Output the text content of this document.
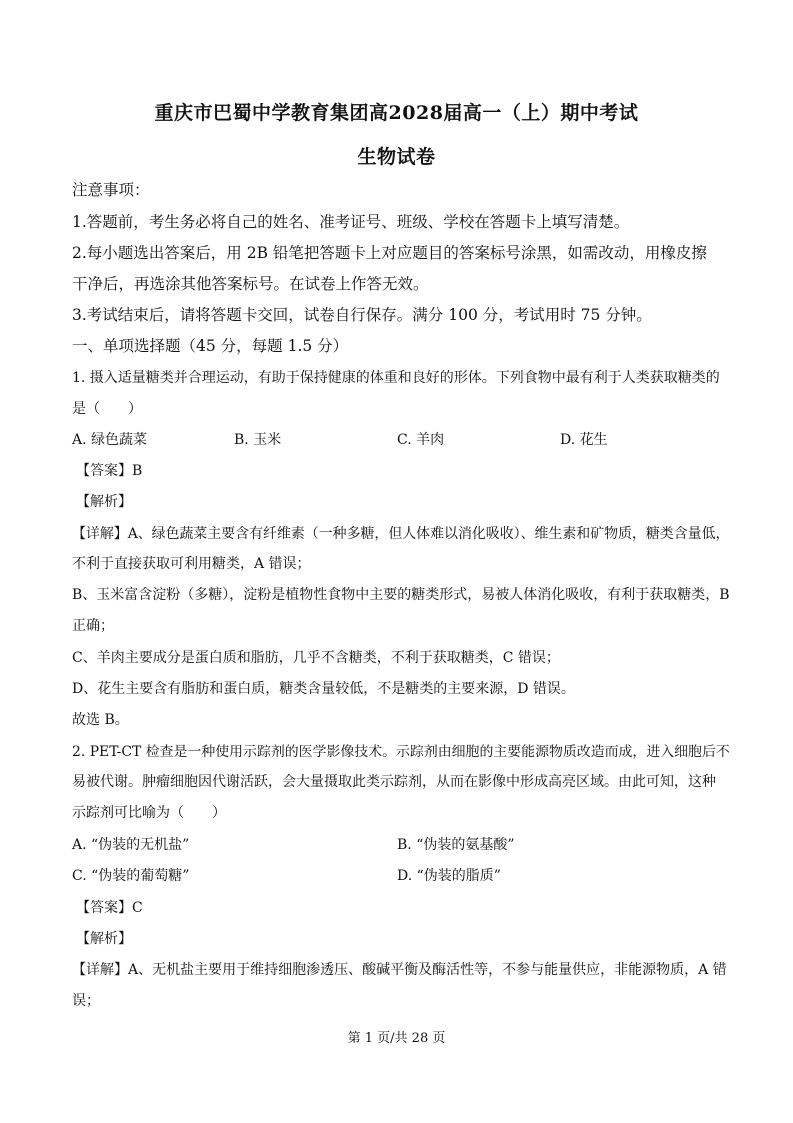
重庆市巴蜀中学教育集团高2028届高一（上）期中考试
生物试卷
注意事项：
1.答题前，考生务必将自己的姓名、准考证号、班级、学校在答题卡上填写清楚。
2.每小题选出答案后，用 2B 铅笔把答题卡上对应题目的答案标号涂黑，如需改动，用橡皮擦
干净后，再选涂其他答案标号。在试卷上作答无效。
3.考试结束后，请将答题卡交回，试卷自行保存。满分 100 分，考试用时 75 分钟。
一、单项选择题（45 分，每题 1.5 分）
1. 摄入适量糖类并合理运动，有助于保持健康的体重和良好的形体。下列食物中最有利于人类获取糖类的
是（　　）
A. 绿色蔬菜	B. 玉米	C. 羊肉	D. 花生
【答案】B
【解析】
【详解】A、绿色蔬菜主要含有纤维素（一种多糖，但人体难以消化吸收）、维生素和矿物质，糖类含量低，
不利于直接获取可利用糖类，A 错误；
B、玉米富含淀粉（多糖），淀粉是植物性食物中主要的糖类形式，易被人体消化吸收，有利于获取糖类，B
正确；
C、羊肉主要成分是蛋白质和脂肪，几乎不含糖类，不利于获取糖类，C 错误；
D、花生主要含有脂肪和蛋白质，糖类含量较低，不是糖类的主要来源，D 错误。
故选 B。
2. PET-CT 检查是一种使用示踪剂的医学影像技术。示踪剂由细胞的主要能源物质改造而成，进入细胞后不
易被代谢。肿瘤细胞因代谢活跃，会大量摄取此类示踪剂，从而在影像中形成高亮区域。由此可知，这种
示踪剂可比喻为（　　）
A. “伪装的无机盐”	B. “伪装的氨基酸”
C. “伪装的葡萄糖”	D. “伪装的脂质”
【答案】C
【解析】
【详解】A、无机盐主要用于维持细胞渗透压、酸碱平衡及酶活性等，不参与能量供应，非能源物质，A 错
误；
第 1 页/共 28 页
